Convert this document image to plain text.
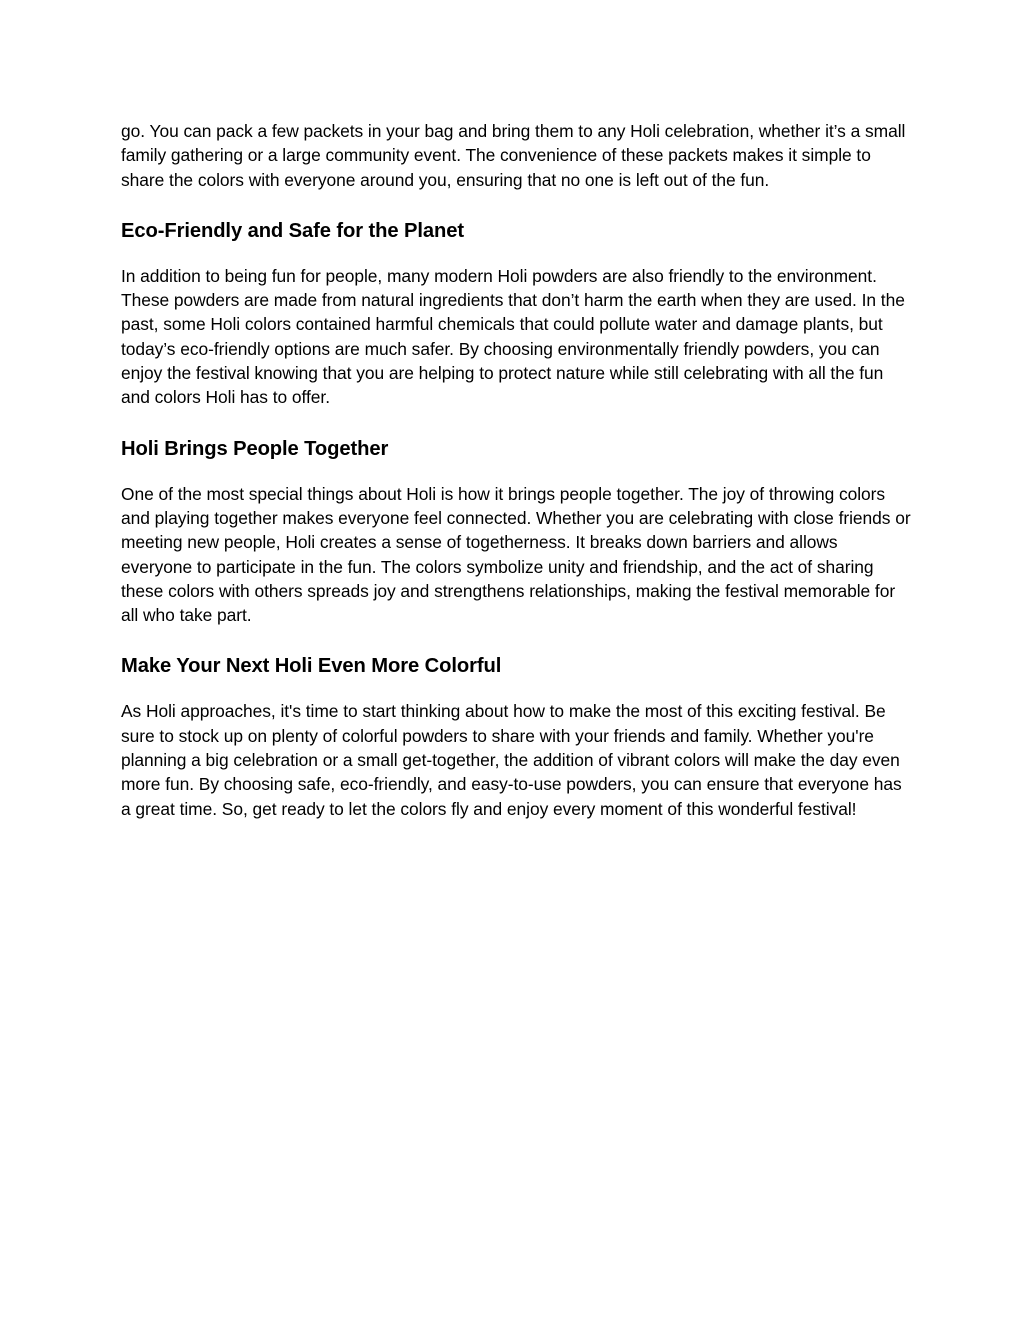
go. You can pack a few packets in your bag and bring them to any Holi celebration, whether it’s a small family gathering or a large community event. The convenience of these packets makes it simple to share the colors with everyone around you, ensuring that no one is left out of the fun.

Eco-Friendly and Safe for the Planet

In addition to being fun for people, many modern Holi powders are also friendly to the environment. These powders are made from natural ingredients that don’t harm the earth when they are used. In the past, some Holi colors contained harmful chemicals that could pollute water and damage plants, but today’s eco-friendly options are much safer. By choosing environmentally friendly powders, you can enjoy the festival knowing that you are helping to protect nature while still celebrating with all the fun and colors Holi has to offer.

Holi Brings People Together

One of the most special things about Holi is how it brings people together. The joy of throwing colors and playing together makes everyone feel connected. Whether you are celebrating with close friends or meeting new people, Holi creates a sense of togetherness. It breaks down barriers and allows everyone to participate in the fun. The colors symbolize unity and friendship, and the act of sharing these colors with others spreads joy and strengthens relationships, making the festival memorable for all who take part.

Make Your Next Holi Even More Colorful

As Holi approaches, it's time to start thinking about how to make the most of this exciting festival. Be sure to stock up on plenty of colorful powders to share with your friends and family. Whether you're planning a big celebration or a small get-together, the addition of vibrant colors will make the day even more fun. By choosing safe, eco-friendly, and easy-to-use powders, you can ensure that everyone has a great time. So, get ready to let the colors fly and enjoy every moment of this wonderful festival!
